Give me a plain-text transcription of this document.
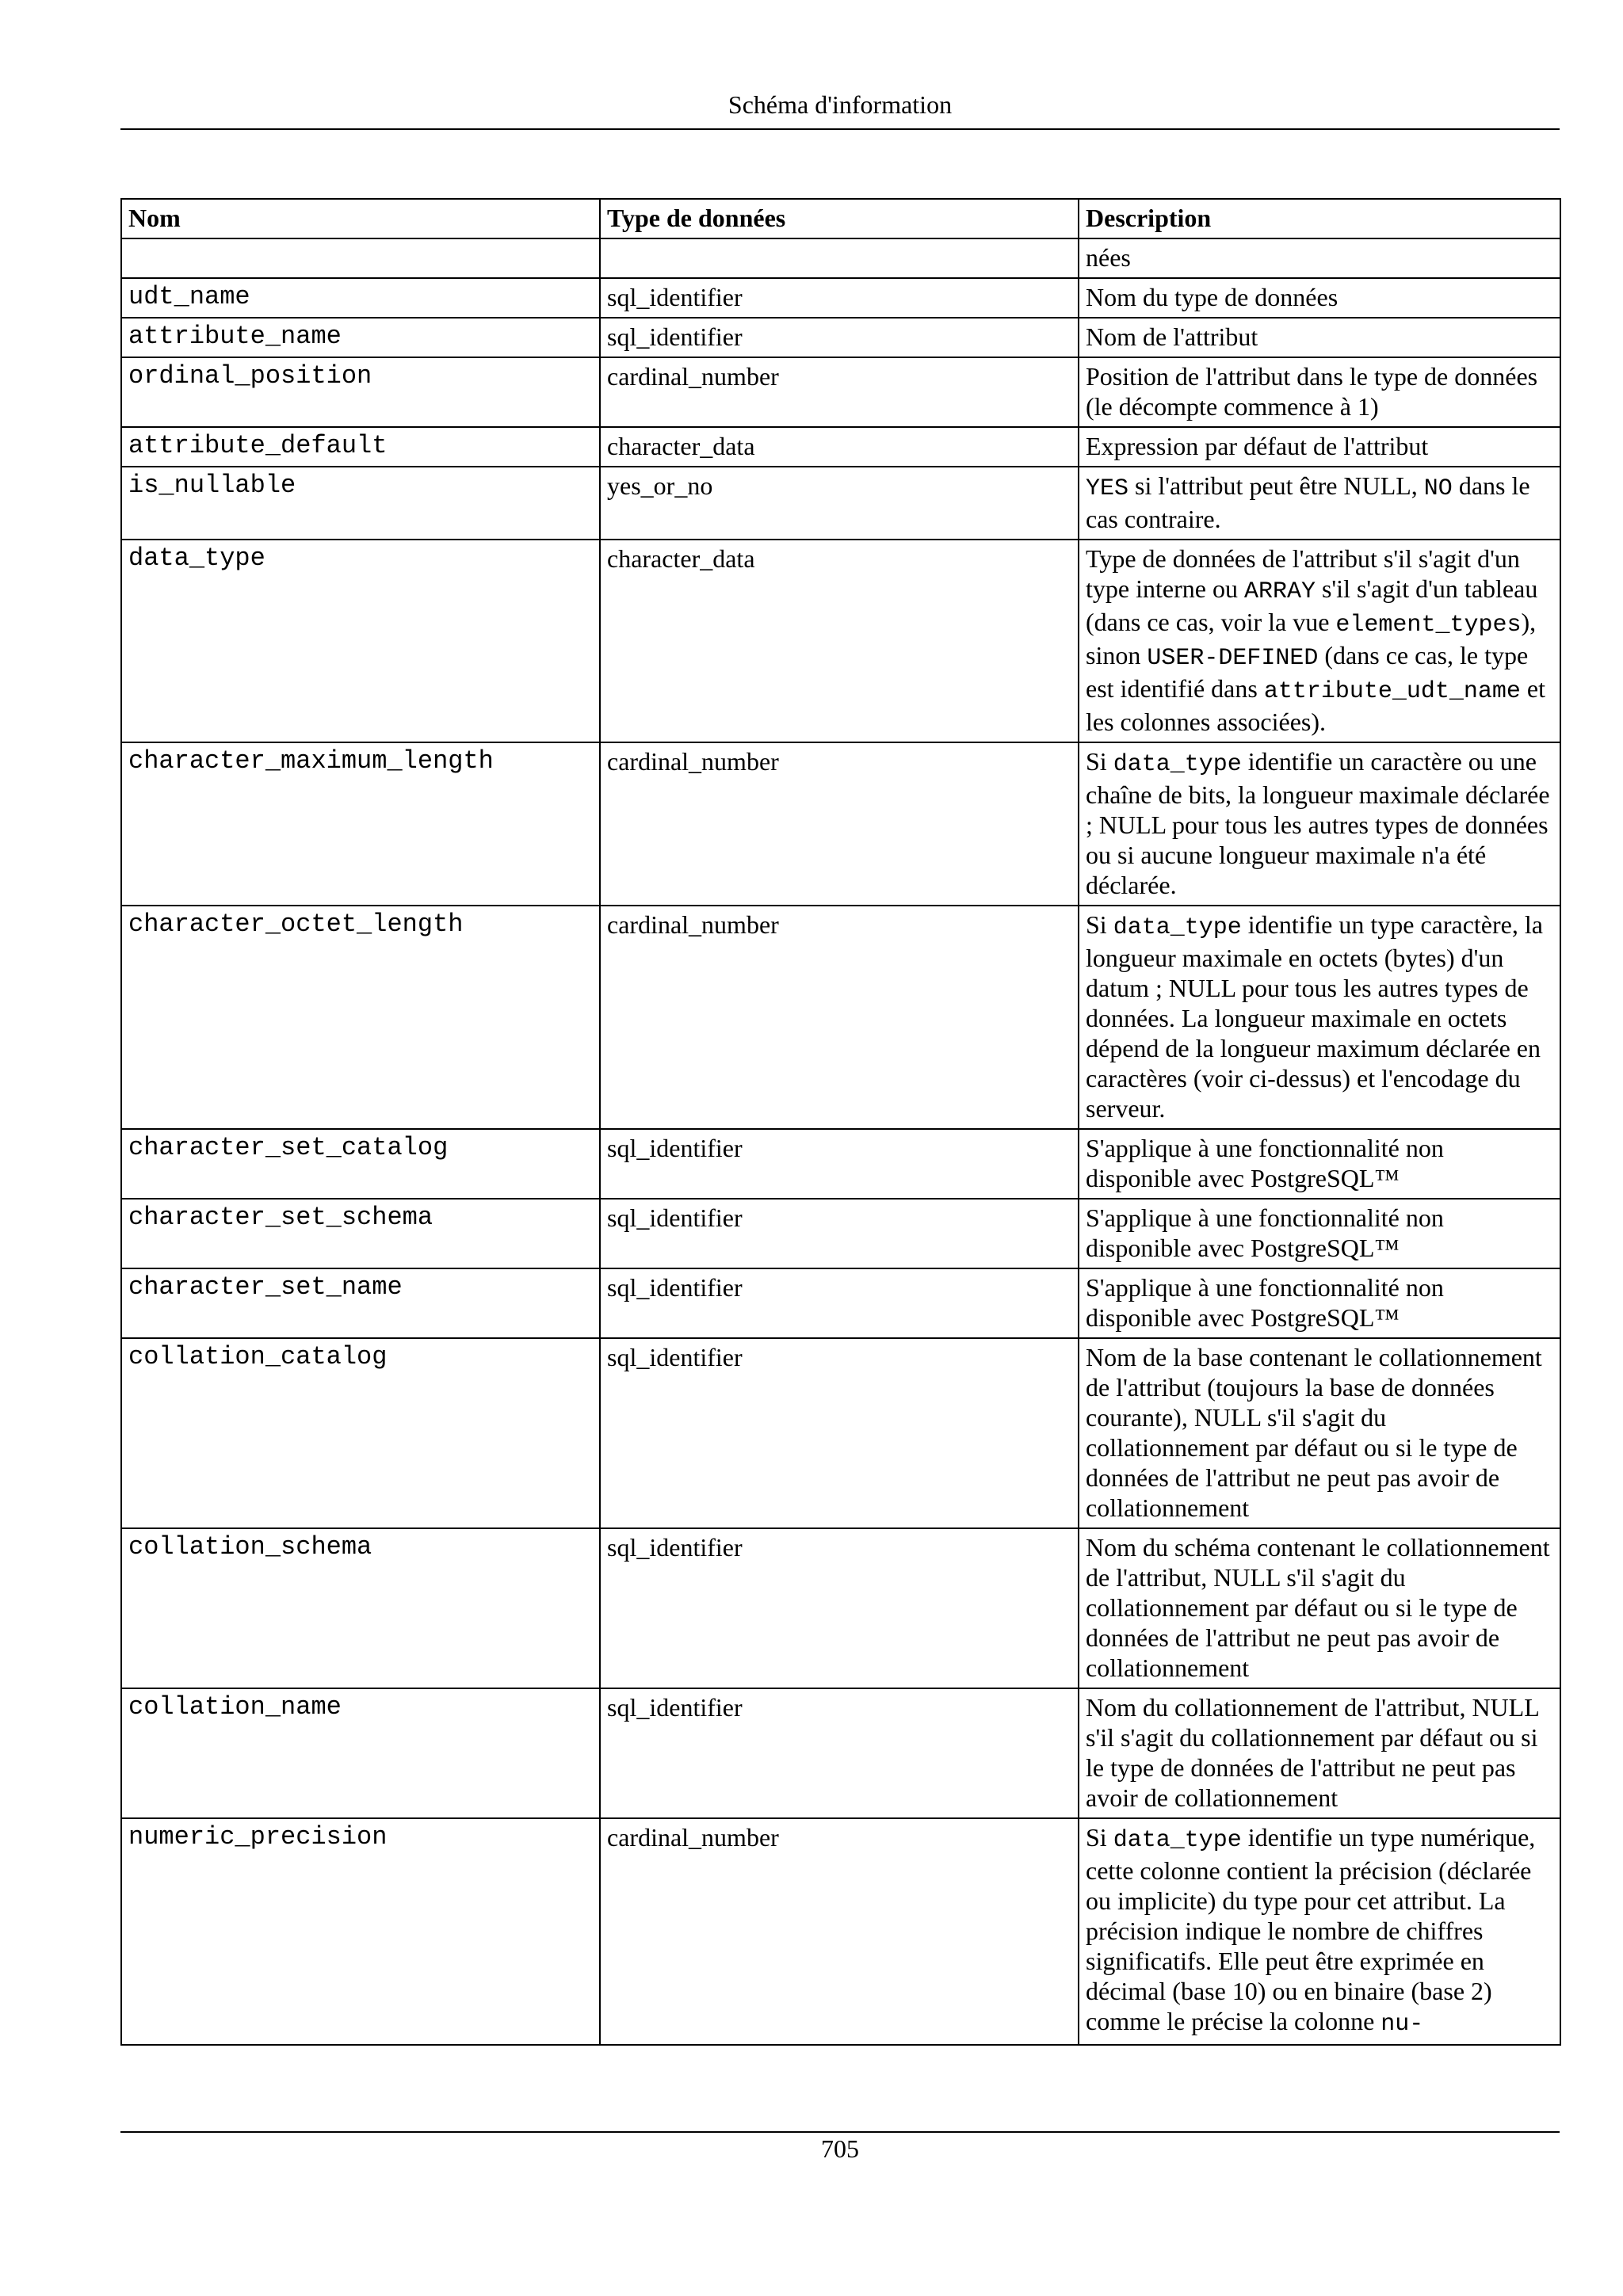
Schéma d'information
Nom	Type de données	Description
		nées
udt_name	sql_identifier	Nom du type de données
attribute_name	sql_identifier	Nom de l'attribut
ordinal_position	cardinal_number	Position de l'attribut dans le type de données (le décompte commence à 1)
attribute_default	character_data	Expression par défaut de l'attribut
is_nullable	yes_or_no	YES si l'attribut peut être NULL, NO dans le cas contraire.
data_type	character_data	Type de données de l'attribut s'il s'agit d'un type interne ou ARRAY s'il s'agit d'un tableau (dans ce cas, voir la vue element_types), sinon USER-DEFINED (dans ce cas, le type est identifié dans attribute_udt_name et les colonnes associées).
character_maximum_length	cardinal_number	Si data_type identifie un caractère ou une chaîne de bits, la longueur maximale déclarée ; NULL pour tous les autres types de données ou si aucune longueur maximale n'a été déclarée.
character_octet_length	cardinal_number	Si data_type identifie un type caractère, la longueur maximale en octets (bytes) d'un datum ; NULL pour tous les autres types de données. La longueur maximale en octets dépend de la longueur maximum déclarée en caractères (voir ci-dessus) et l'encodage du serveur.
character_set_catalog	sql_identifier	S'applique à une fonctionnalité non disponible avec PostgreSQL™
character_set_schema	sql_identifier	S'applique à une fonctionnalité non disponible avec PostgreSQL™
character_set_name	sql_identifier	S'applique à une fonctionnalité non disponible avec PostgreSQL™
collation_catalog	sql_identifier	Nom de la base contenant le collationnement de l'attribut (toujours la base de données courante), NULL s'il s'agit du collationnement par défaut ou si le type de données de l'attribut ne peut pas avoir de collationnement
collation_schema	sql_identifier	Nom du schéma contenant le collationnement de l'attribut, NULL s'il s'agit du collationnement par défaut ou si le type de données de l'attribut ne peut pas avoir de collationnement
collation_name	sql_identifier	Nom du collationnement de l'attribut, NULL s'il s'agit du collationnement par défaut ou si le type de données de l'attribut ne peut pas avoir de collationnement
numeric_precision	cardinal_number	Si data_type identifie un type numérique, cette colonne contient la précision (déclarée ou implicite) du type pour cet attribut. La précision indique le nombre de chiffres significatifs. Elle peut être exprimée en décimal (base 10) ou en binaire (base 2) comme le précise la colonne nu-
705
